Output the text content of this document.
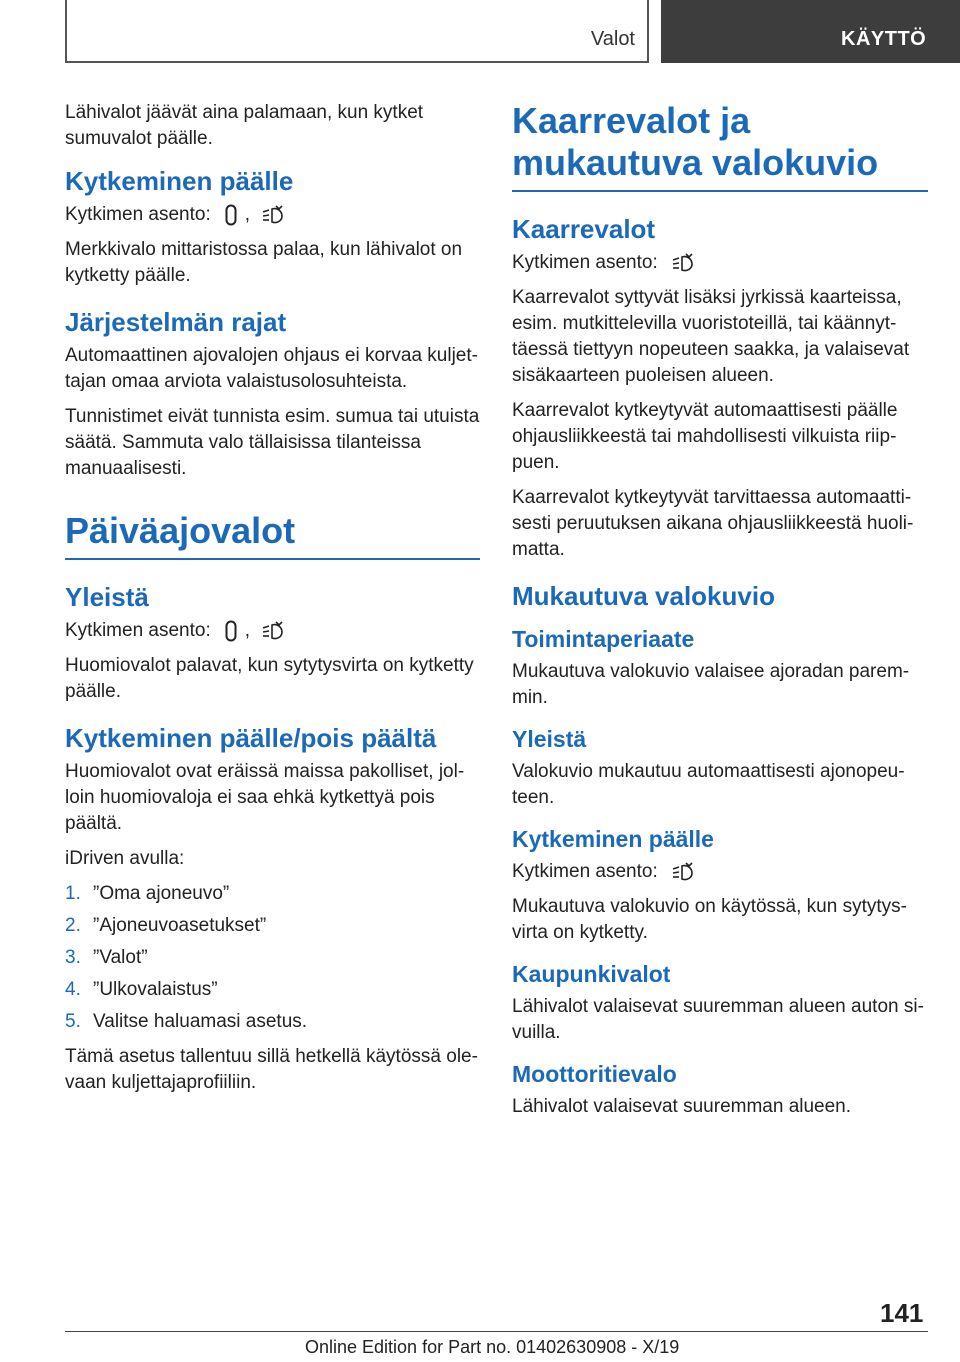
Valot	KÄYTTÖ

Lähivalot jäävät aina palamaan, kun kytket sumuvalot päälle.

Kytkeminen päälle

Kytkimen asento: ,

Merkkivalo mittaristossa palaa, kun lähivalot on kytketty päälle.

Järjestelmän rajat

Automaattinen ajovalojen ohjaus ei korvaa kuljettajan omaa arviota valaistusolosuhteista.

Tunnistimet eivät tunnista esim. sumua tai utuista säätä. Sammuta valo tällaisissa tilanteissa manuaalisesti.

Päiväajovalot
Yleistä

Kytkimen asento: ,

Huomiovalot palavat, kun sytytysvirta on kytketty päälle.

Kytkeminen päälle/pois päältä

Huomiovalot ovat eräissä maissa pakolliset, jolloin huomiovaloja ei saa ehkä kytkettyä pois päältä.

iDriven avulla:

1. ”Oma ajoneuvo”
2. ”Ajoneuvoasetukset”
3. ”Valot”
4. ”Ulkovalaistus”
5. Valitse haluamasi asetus.

Tämä asetus tallentuu sillä hetkellä käytössä olevaan kuljettajaprofiiliin.

Kaarrevalot ja mukautuva valokuvio
Kaarrevalot

Kytkimen asento:

Kaarrevalot syttyvät lisäksi jyrkissä kaarteissa, esim. mutkittelevilla vuoristoteillä, tai käännyttäessä tiettyyn nopeuteen saakka, ja valaisevat sisäkaarteen puoleisen alueen.

Kaarrevalot kytkeytyvät automaattisesti päälle ohjausliikkeestä tai mahdollisesti vilkuista riippuen.

Kaarrevalot kytkeytyvät tarvittaessa automaattisesti peruutuksen aikana ohjausliikkeestä huolimatta.

Mukautuva valokuvio
Toimintaperiaate

Mukautuva valokuvio valaisee ajoradan paremmin.

Yleistä

Valokuvio mukautuu automaattisesti ajonopeuteen.

Kytkeminen päälle

Kytkimen asento:

Mukautuva valokuvio on käytössä, kun sytytysvirta on kytketty.

Kaupunkivalot

Lähivalot valaisevat suuremman alueen auton sivuilla.

Moottoritievalo

Lähivalot valaisevat suuremman alueen.

141
Online Edition for Part no. 01402630908 - X/19
